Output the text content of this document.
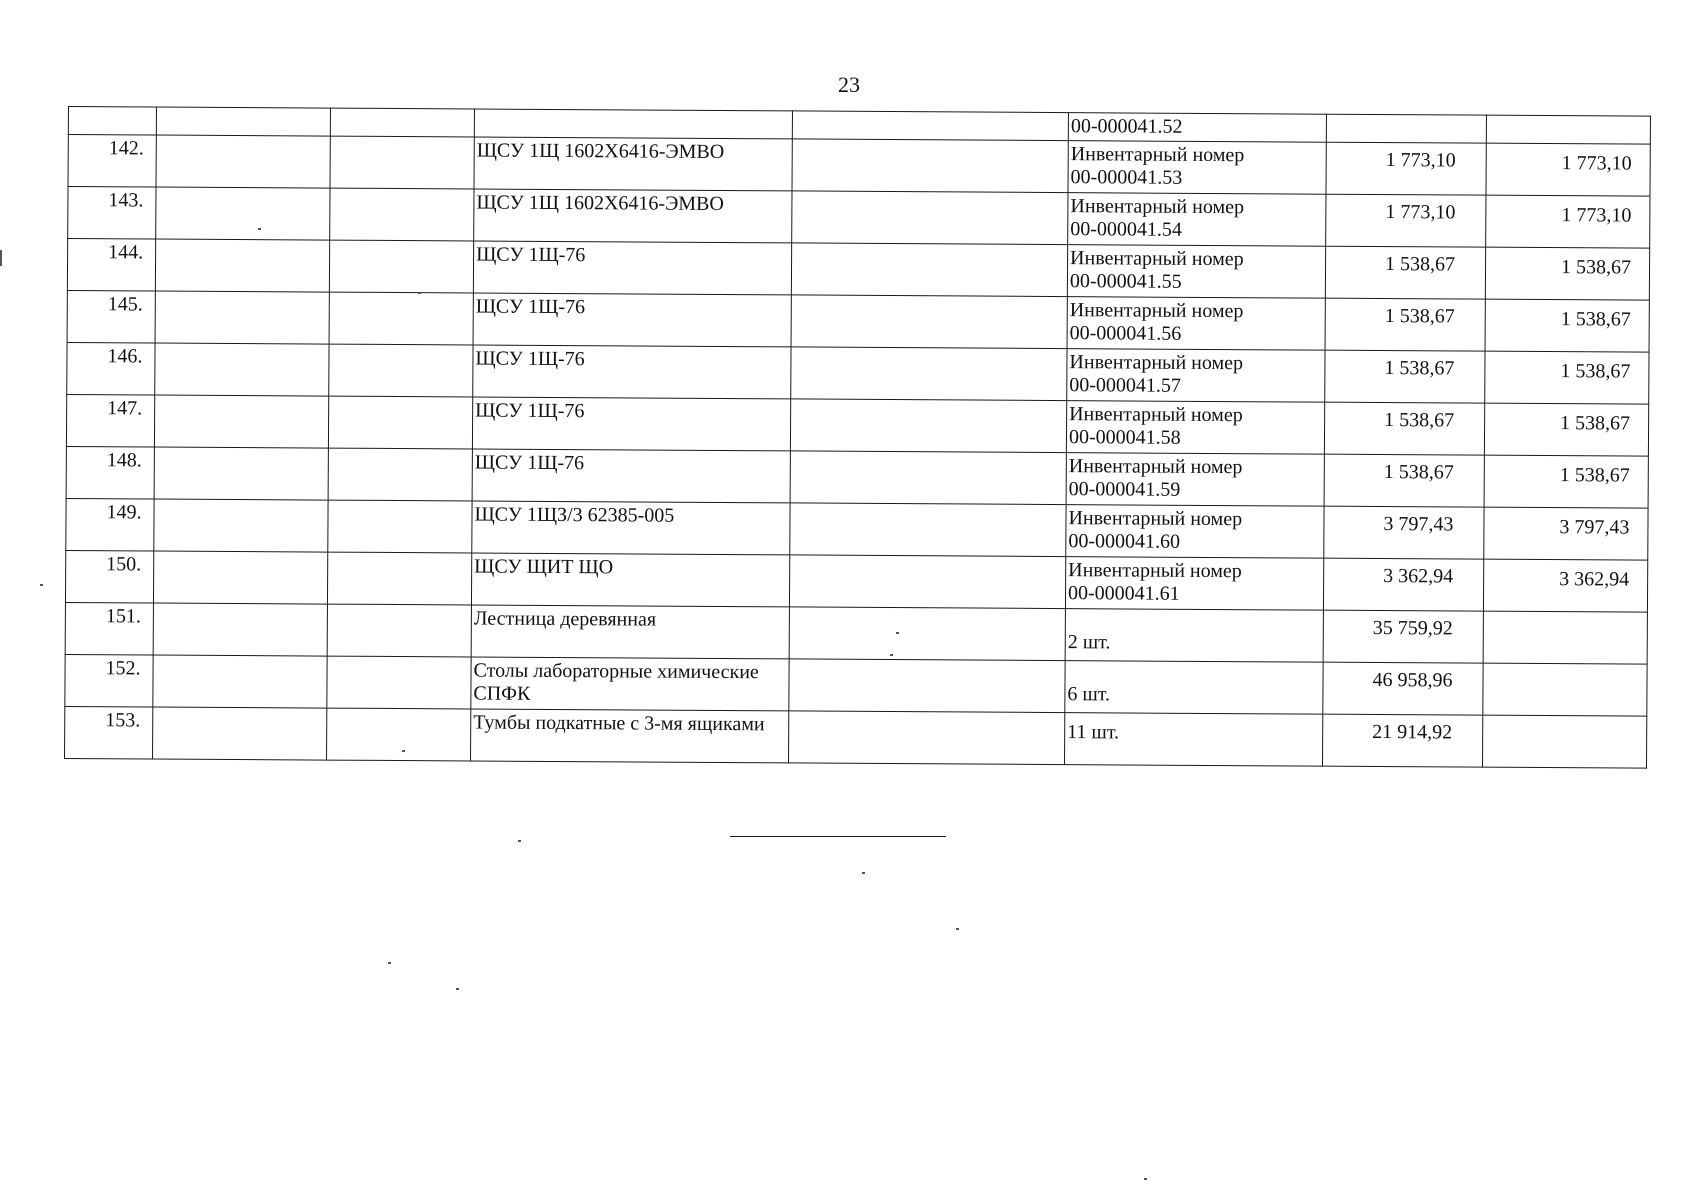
23
					00-000041.52		
142.			ЩСУ 1Щ 1602Х6416-ЭМВО		Инвентарный номер
00-000041.53	1 773,10	1 773,10
143.			ЩСУ 1Щ 1602Х6416-ЭМВО		Инвентарный номер
00-000041.54	1 773,10	1 773,10
144.			ЩСУ 1Щ-76		Инвентарный номер
00-000041.55	1 538,67	1 538,67
145.			ЩСУ 1Щ-76		Инвентарный номер
00-000041.56	1 538,67	1 538,67
146.			ЩСУ 1Щ-76		Инвентарный номер
00-000041.57	1 538,67	1 538,67
147.			ЩСУ 1Щ-76		Инвентарный номер
00-000041.58	1 538,67	1 538,67
148.			ЩСУ 1Щ-76		Инвентарный номер
00-000041.59	1 538,67	1 538,67
149.			ЩСУ 1ЩЗ/3 62385-005		Инвентарный номер
00-000041.60	3 797,43	3 797,43
150.			ЩСУ ЩИТ ЩО		Инвентарный номер
00-000041.61	3 362,94	3 362,94
151.			Лестница деревянная		2 шт.	35 759,92	
152.			Столы лабораторные химические СПФК		6 шт.	46 958,96	
153.			Тумбы подкатные с 3-мя ящиками		11 шт.	21 914,92	
